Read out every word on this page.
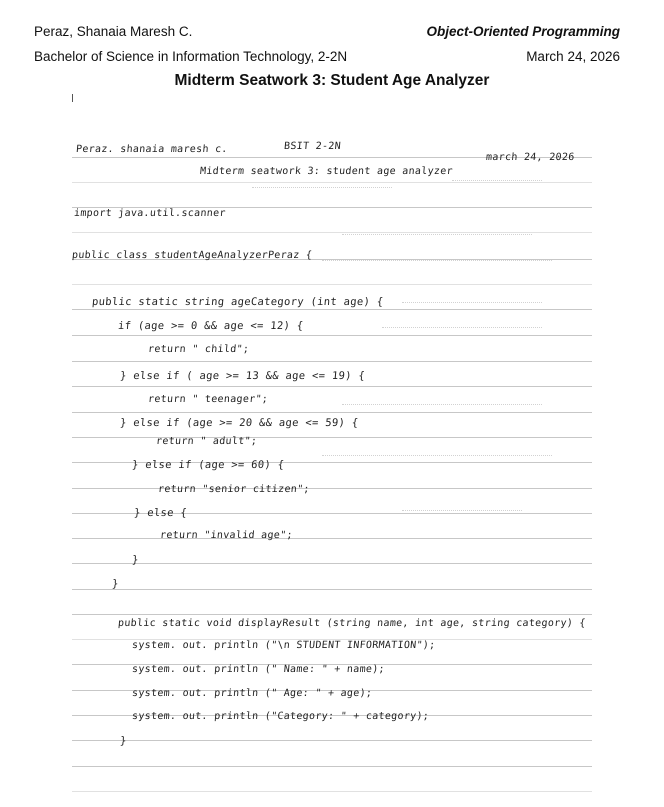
Peraz, Shanaia Maresh C.
Bachelor of Science in Information Technology, 2-2N
Object-Oriented Programming
March 24, 2026
Midterm Seatwork 3: Student Age Analyzer
Peraz. shanaia maresh c.	BSIT 2-2N
march 24, 2026
Midterm seatwork 3: student age analyzer
import java.util.scanner
public class studentAgeAnalyzerPeraz {
public static string ageCategory (int age) {
if (age >= 0 && age <= 12) {
return " child";
} else if ( age >= 13 && age <= 19) {
return " teenager";
} else if (age >= 20 && age <= 59) {
return " adult";
} else if (age >= 60) {
return "senior citizen";
} else {
return "invalid age";
}
}
public static void displayResult (string name, int age, string category) {
system. out. println ("\n STUDENT INFORMATION");
system. out. println (" Name: " + name);
system. out. println (" Age: " + age);
system. out. println ("Category: " + category);
}
